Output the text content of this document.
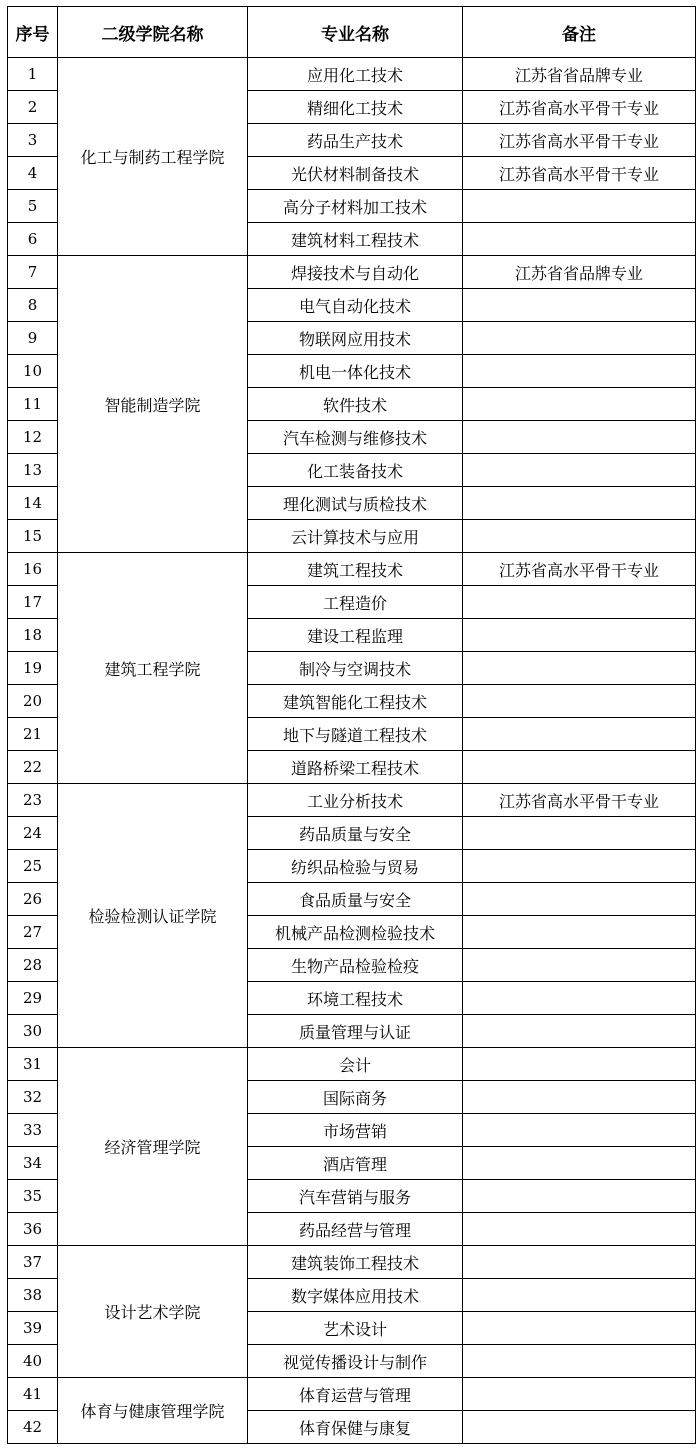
序号	二级学院名称	专业名称	备注
1	化工与制药工程学院	应用化工技术	江苏省省品牌专业
2		精细化工技术	江苏省高水平骨干专业
3		药品生产技术	江苏省高水平骨干专业
4		光伏材料制备技术	江苏省高水平骨干专业
5		高分子材料加工技术	
6		建筑材料工程技术	
7	智能制造学院	焊接技术与自动化	江苏省省品牌专业
8		电气自动化技术	
9		物联网应用技术	
10		机电一体化技术	
11		软件技术	
12		汽车检测与维修技术	
13		化工装备技术	
14		理化测试与质检技术	
15		云计算技术与应用	
16	建筑工程学院	建筑工程技术	江苏省高水平骨干专业
17		工程造价	
18		建设工程监理	
19		制冷与空调技术	
20		建筑智能化工程技术	
21		地下与隧道工程技术	
22		道路桥梁工程技术	
23	检验检测认证学院	工业分析技术	江苏省高水平骨干专业
24		药品质量与安全	
25		纺织品检验与贸易	
26		食品质量与安全	
27		机械产品检测检验技术	
28		生物产品检验检疫	
29		环境工程技术	
30		质量管理与认证	
31	经济管理学院	会计	
32		国际商务	
33		市场营销	
34		酒店管理	
35		汽车营销与服务	
36		药品经营与管理	
37	设计艺术学院	建筑装饰工程技术	
38		数字媒体应用技术	
39		艺术设计	
40		视觉传播设计与制作	
41	体育与健康管理学院	体育运营与管理	
42		体育保健与康复	
